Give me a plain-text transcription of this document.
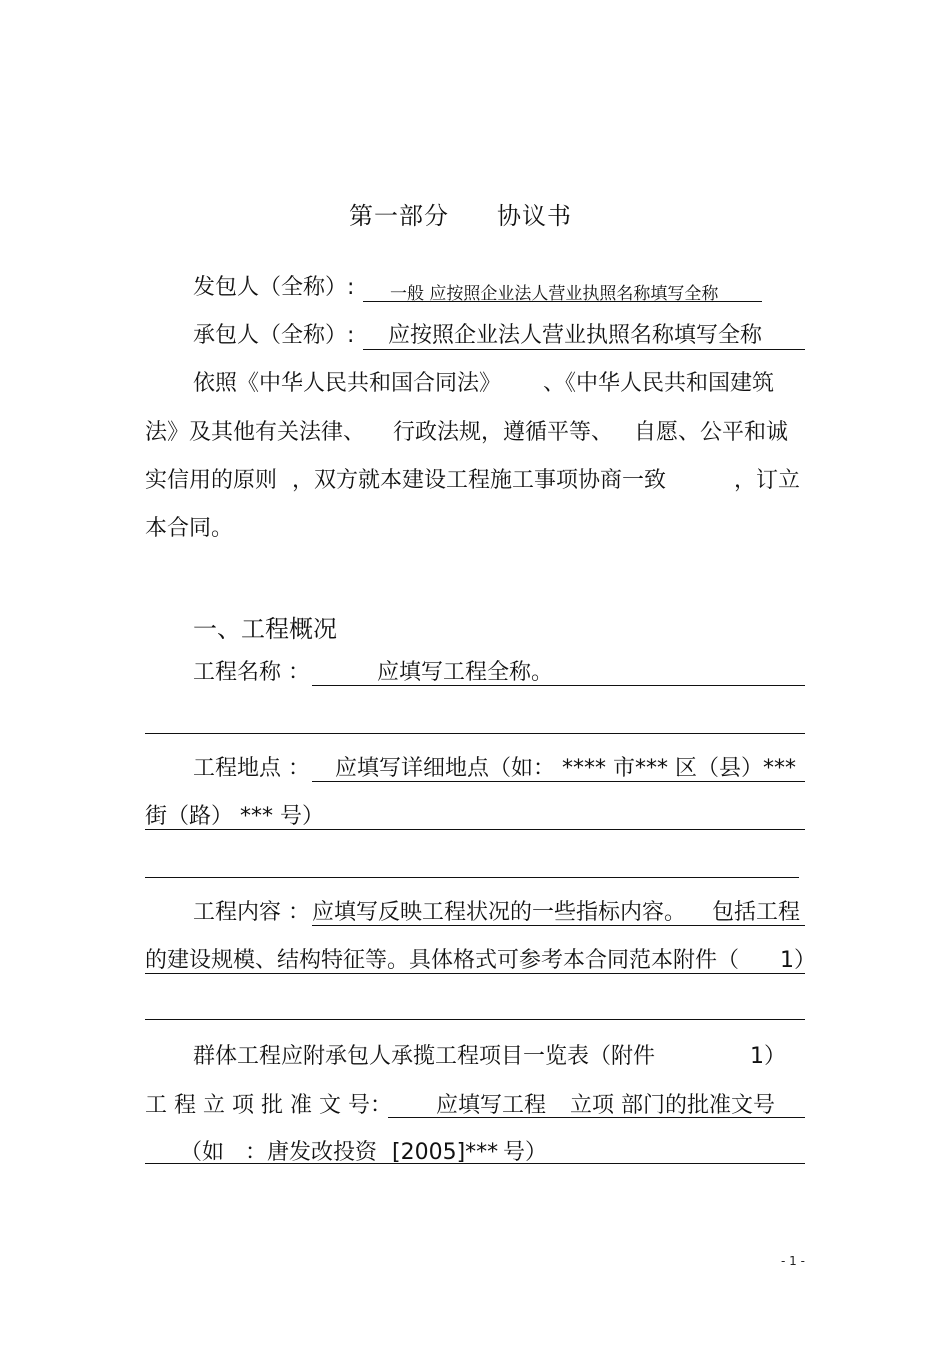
第一部分 协议书
发包人（全称）: 一般 应按照企业法人营业执照名称填写全称
承包人（全称）: 应按照企业法人营业执照名称填写全称
依照《中华人民共和国合同法》 、《中华人民共和国建筑
法》及其他有关法律、 行政法规，遵循平等、 自愿、公平和诚
实信用的原则 ，双方就本建设工程施工事项协商一致	，订立
本合同。
一、工程概况
工程名称 ：	应填写工程全称。
工程地点 ： 应填写详细地点（如： **** 市*** 区（县）***
街（路） *** 号）
工程内容 ： 应填写反映工程状况的一些指标内容。 包括工程
的建设规模、结构特征等。具体格式可参考本合同范本附件（ 1）
群体工程应附承包人承揽工程项目一览表（附件	1）
工 程 立 项 批 准 文 号： 应填写工程 立项 部门的批准文号
（如 ：唐发改投资 [2005]*** 号）
- 1 -
